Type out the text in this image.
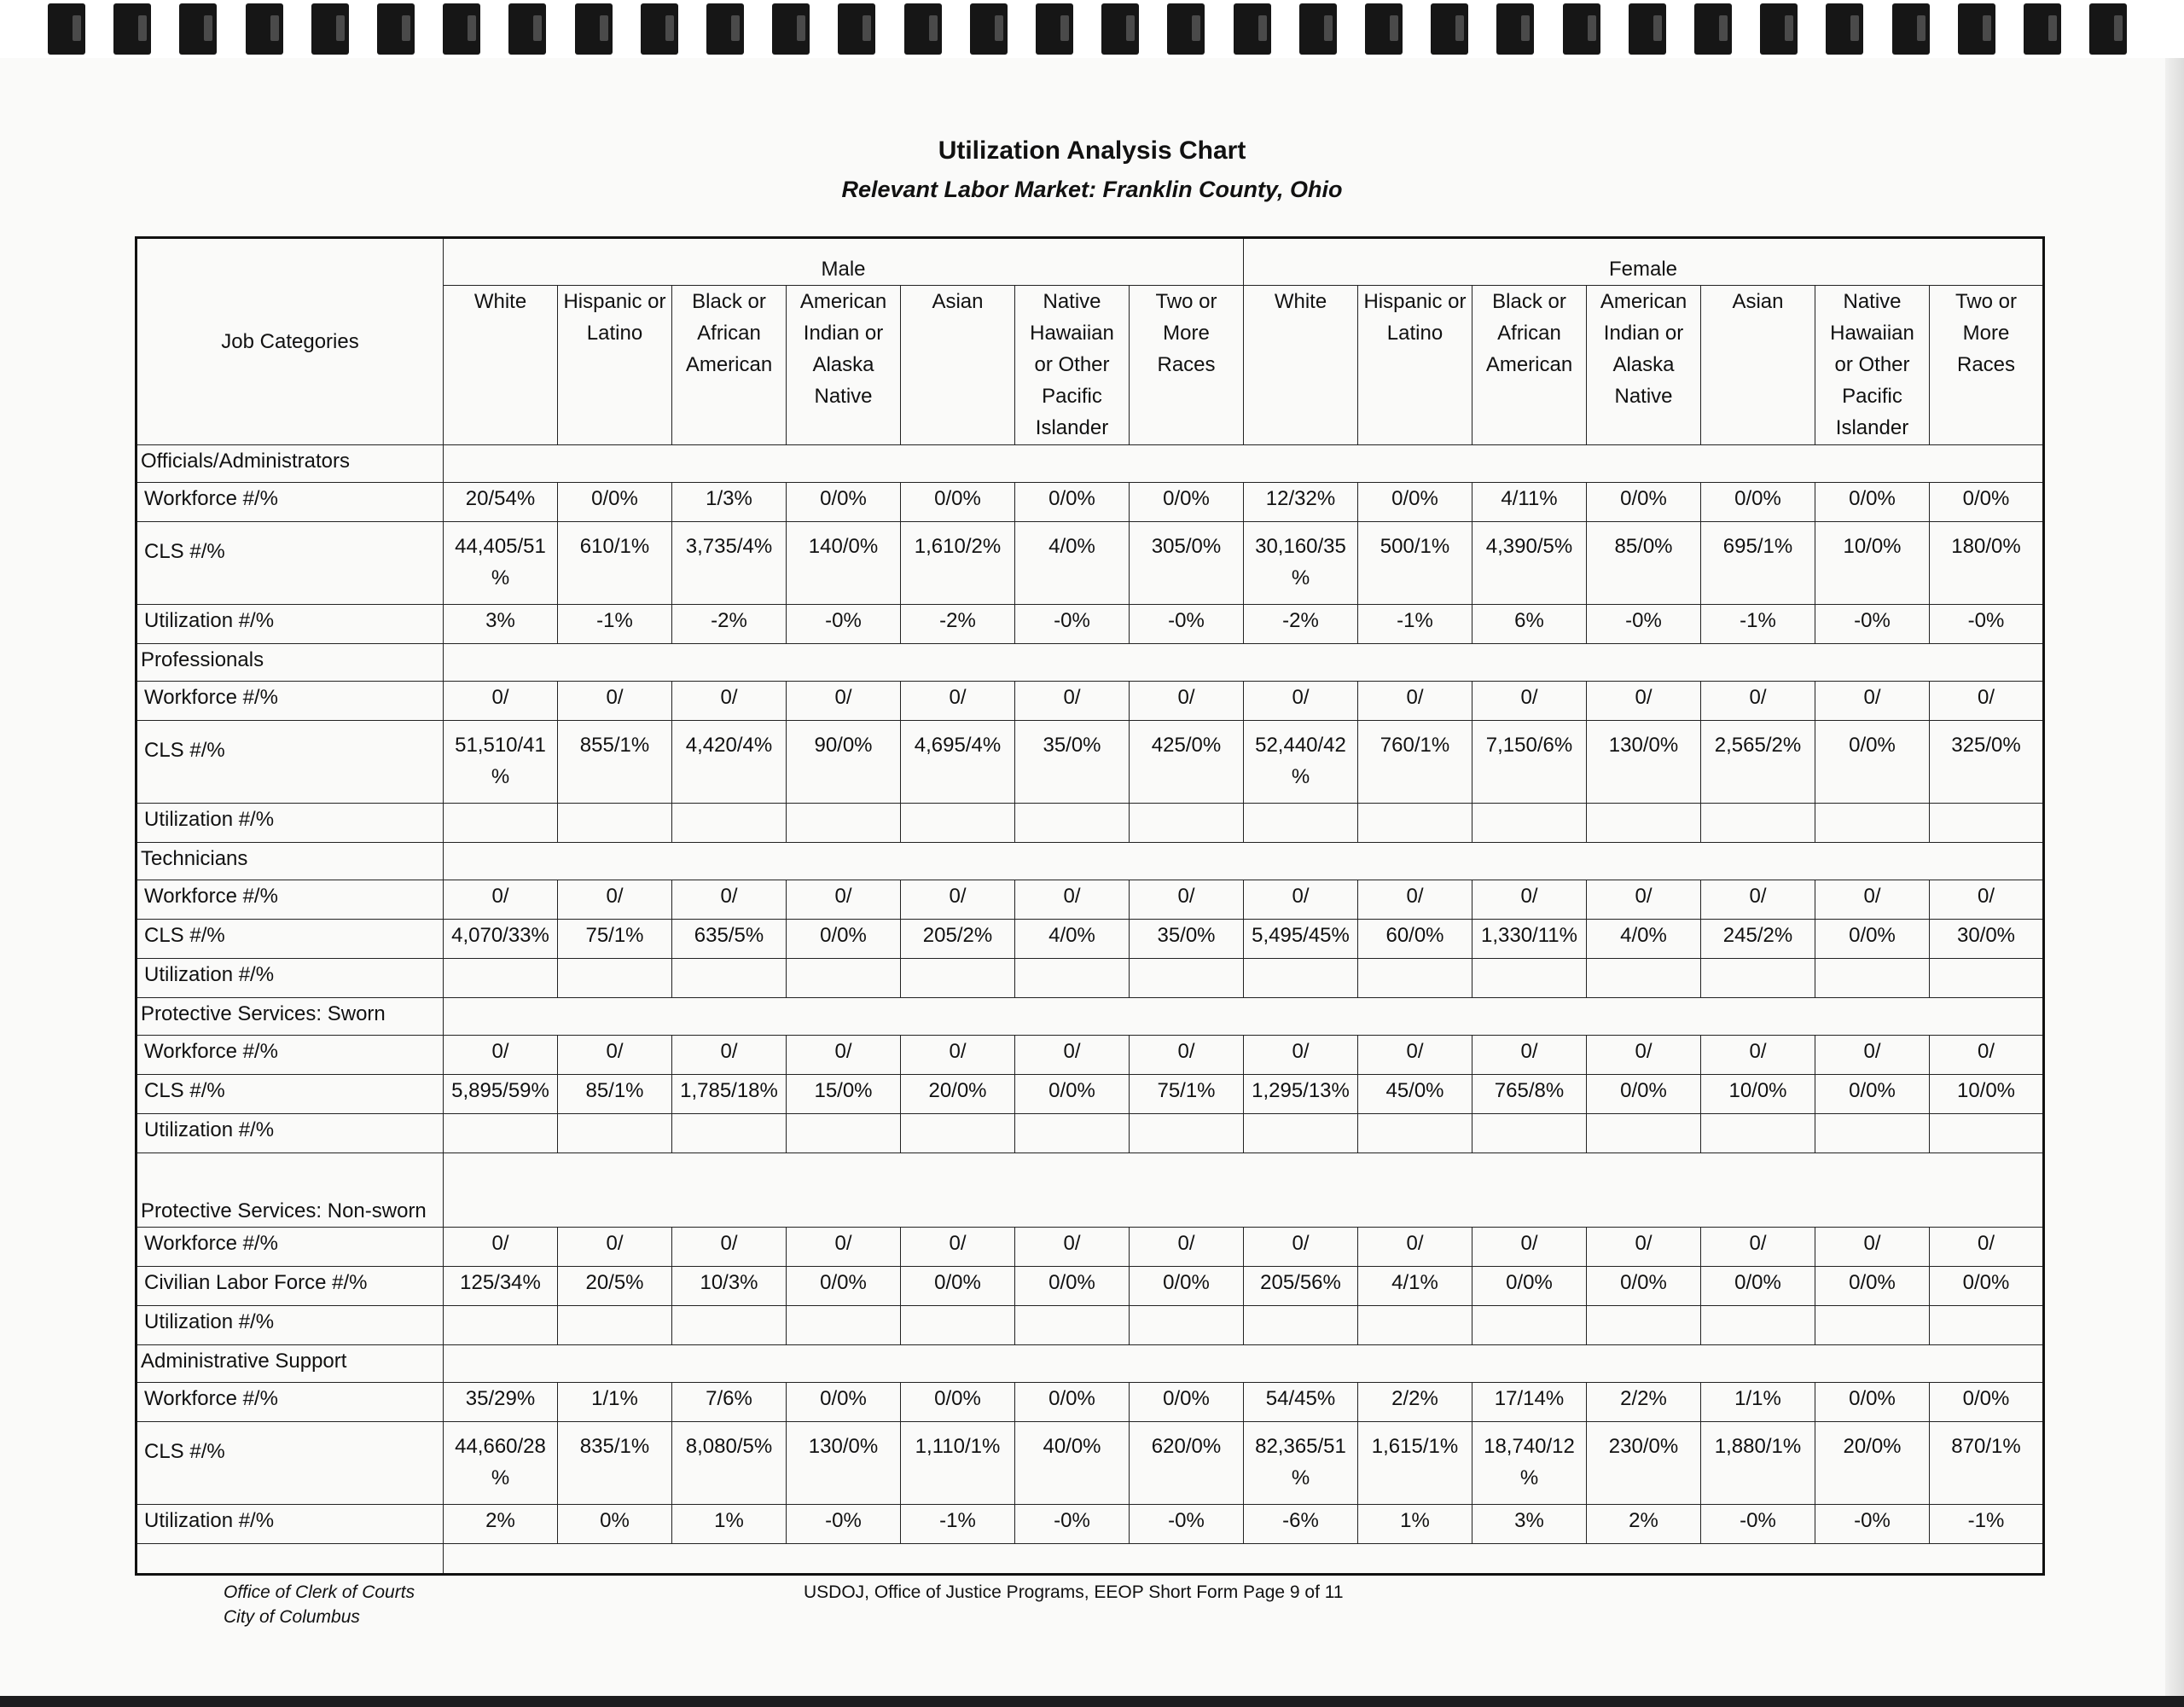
Utilization Analysis Chart
Relevant Labor Market: Franklin County, Ohio
Job Categories	Male							Female						
	White	Hispanic or Latino	Black or African American	American Indian or Alaska Native	Asian	Native Hawaiian or Other Pacific Islander	Two or More Races	White	Hispanic or Latino	Black or African American	American Indian or Alaska Native	Asian	Native Hawaiian or Other Pacific Islander	Two or More Races
Officials/Administrators														
Workforce #/%	20/54%	0/0%	1/3%	0/0%	0/0%	0/0%	0/0%	12/32%	0/0%	4/11%	0/0%	0/0%	0/0%	0/0%
CLS #/%	44,405/51 %	610/1%	3,735/4%	140/0%	1,610/2%	4/0%	305/0%	30,160/35 %	500/1%	4,390/5%	85/0%	695/1%	10/0%	180/0%
Utilization #/%	3%	-1%	-2%	-0%	-2%	-0%	-0%	-2%	-1%	6%	-0%	-1%	-0%	-0%
Professionals														
Workforce #/%	0/	0/	0/	0/	0/	0/	0/	0/	0/	0/	0/	0/	0/	0/
CLS #/%	51,510/41 %	855/1%	4,420/4%	90/0%	4,695/4%	35/0%	425/0%	52,440/42 %	760/1%	7,150/6%	130/0%	2,565/2%	0/0%	325/0%
Utilization #/%														
Technicians														
Workforce #/%	0/	0/	0/	0/	0/	0/	0/	0/	0/	0/	0/	0/	0/	0/
CLS #/%	4,070/33%	75/1%	635/5%	0/0%	205/2%	4/0%	35/0%	5,495/45%	60/0%	1,330/11%	4/0%	245/2%	0/0%	30/0%
Utilization #/%														
Protective Services: Sworn														
Workforce #/%	0/	0/	0/	0/	0/	0/	0/	0/	0/	0/	0/	0/	0/	0/
CLS #/%	5,895/59%	85/1%	1,785/18%	15/0%	20/0%	0/0%	75/1%	1,295/13%	45/0%	765/8%	0/0%	10/0%	0/0%	10/0%
Utilization #/%														
Protective Services: Non-sworn														
Workforce #/%	0/	0/	0/	0/	0/	0/	0/	0/	0/	0/	0/	0/	0/	0/
Civilian Labor Force #/%	125/34%	20/5%	10/3%	0/0%	0/0%	0/0%	0/0%	205/56%	4/1%	0/0%	0/0%	0/0%	0/0%	0/0%
Utilization #/%														
Administrative Support														
Workforce #/%	35/29%	1/1%	7/6%	0/0%	0/0%	0/0%	0/0%	54/45%	2/2%	17/14%	2/2%	1/1%	0/0%	0/0%
CLS #/%	44,660/28 %	835/1%	8,080/5%	130/0%	1,110/1%	40/0%	620/0%	82,365/51 %	1,615/1%	18,740/12 %	230/0%	1,880/1%	20/0%	870/1%
Utilization #/%	2%	0%	1%	-0%	-1%	-0%	-0%	-6%	1%	3%	2%	-0%	-0%	-1%

Office of Clerk of Courts
City of Columbus
USDOJ, Office of Justice Programs, EEOP Short Form Page 9 of 11
